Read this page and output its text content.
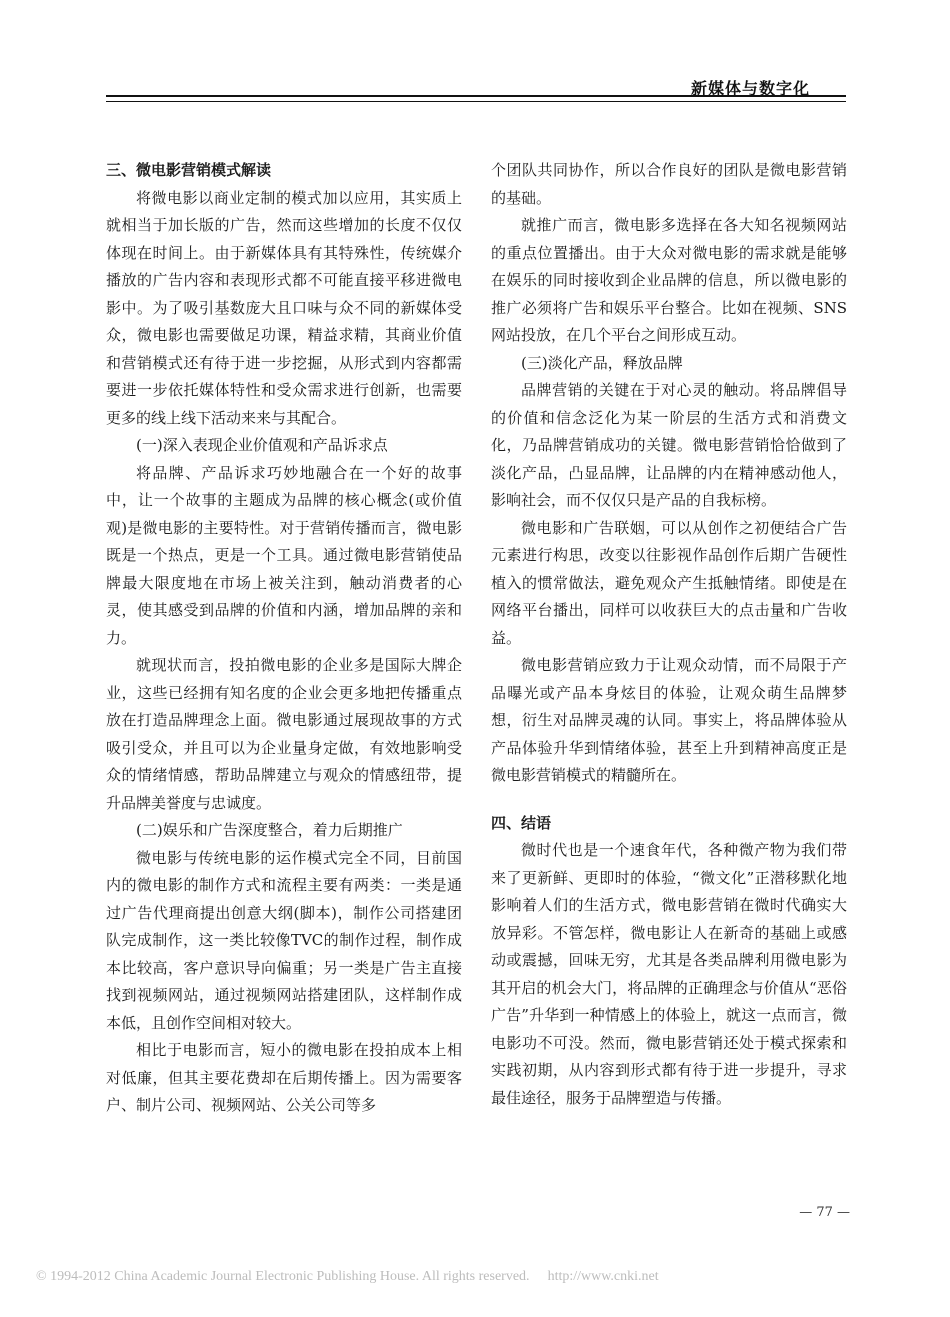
新媒体与数字化
三、微电影营销模式解读

将微电影以商业定制的模式加以应用，其实质上就相当于加长版的广告，然而这些增加的长度不仅仅体现在时间上。由于新媒体具有其特殊性，传统媒介播放的广告内容和表现形式都不可能直接平移进微电影中。为了吸引基数庞大且口味与众不同的新媒体受众，微电影也需要做足功课，精益求精，其商业价值和营销模式还有待于进一步挖掘，从形式到内容都需要进一步依托媒体特性和受众需求进行创新，也需要更多的线上线下活动来来与其配合。

(一)深入表现企业价值观和产品诉求点

将品牌、产品诉求巧妙地融合在一个好的故事中，让一个故事的主题成为品牌的核心概念(或价值观)是微电影的主要特性。对于营销传播而言，微电影既是一个热点，更是一个工具。通过微电影营销使品牌最大限度地在市场上被关注到，触动消费者的心灵，使其感受到品牌的价值和内涵，增加品牌的亲和力。

就现状而言，投拍微电影的企业多是国际大牌企业，这些已经拥有知名度的企业会更多地把传播重点放在打造品牌理念上面。微电影通过展现故事的方式吸引受众，并且可以为企业量身定做，有效地影响受众的情绪情感，帮助品牌建立与观众的情感纽带，提升品牌美誉度与忠诚度。

(二)娱乐和广告深度整合，着力后期推广

微电影与传统电影的运作模式完全不同，目前国内的微电影的制作方式和流程主要有两类：一类是通过广告代理商提出创意大纲(脚本)，制作公司搭建团队完成制作，这一类比较像TVC的制作过程，制作成本比较高，客户意识导向偏重；另一类是广告主直接找到视频网站，通过视频网站搭建团队，这样制作成本低，且创作空间相对较大。

相比于电影而言，短小的微电影在投拍成本上相对低廉，但其主要花费却在后期传播上。因为需要客户、制片公司、视频网站、公关公司等多

个团队共同协作，所以合作良好的团队是微电影营销的基础。

就推广而言，微电影多选择在各大知名视频网站的重点位置播出。由于大众对微电影的需求就是能够在娱乐的同时接收到企业品牌的信息，所以微电影的推广必须将广告和娱乐平台整合。比如在视频、SNS网站投放，在几个平台之间形成互动。

(三)淡化产品，释放品牌

品牌营销的关键在于对心灵的触动。将品牌倡导的价值和信念泛化为某一阶层的生活方式和消费文化，乃品牌营销成功的关键。微电影营销恰恰做到了淡化产品，凸显品牌，让品牌的内在精神感动他人，影响社会，而不仅仅只是产品的自我标榜。

微电影和广告联姻，可以从创作之初便结合广告元素进行构思，改变以往影视作品创作后期广告硬性植入的惯常做法，避免观众产生抵触情绪。即使是在网络平台播出，同样可以收获巨大的点击量和广告收益。

微电影营销应致力于让观众动情，而不局限于产品曝光或产品本身炫目的体验，让观众萌生品牌梦想，衍生对品牌灵魂的认同。事实上，将品牌体验从产品体验升华到情绪体验，甚至上升到精神高度正是微电影营销模式的精髓所在。

四、结语

微时代也是一个速食年代，各种微产物为我们带来了更新鲜、更即时的体验，“微文化”正潜移默化地影响着人们的生活方式，微电影营销在微时代确实大放异彩。不管怎样，微电影让人在新奇的基础上或感动或震撼，回味无穷，尤其是各类品牌利用微电影为其开启的机会大门，将品牌的正确理念与价值从“恶俗广告”升华到一种情感上的体验上，就这一点而言，微电影功不可没。然而，微电影营销还处于模式探索和实践初期，从内容到形式都有待于进一步提升，寻求最佳途径，服务于品牌塑造与传播。

— 77 —
© 1994-2012 China Academic Journal Electronic Publishing House. All rights reserved. http://www.cnki.net
